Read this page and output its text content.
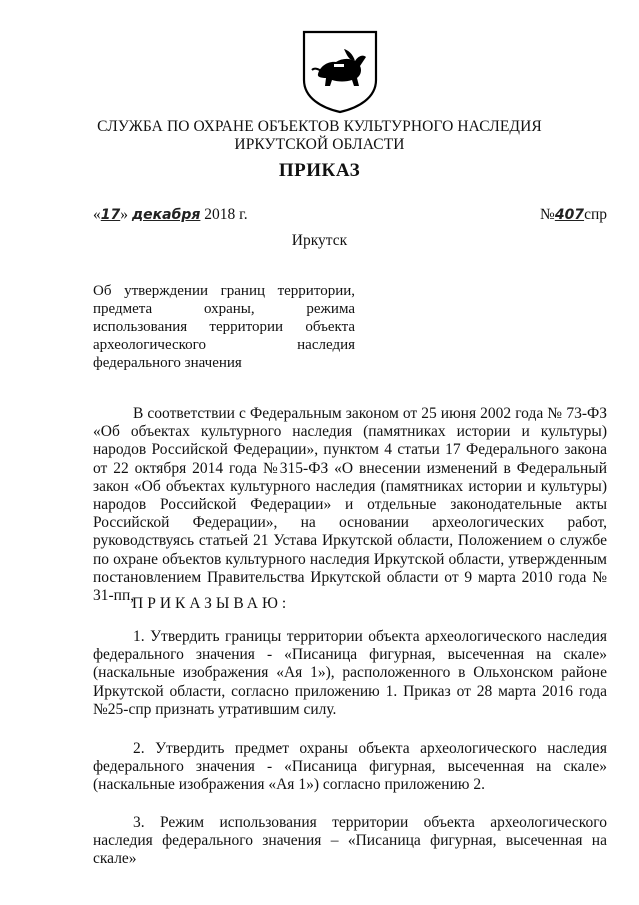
СЛУЖБА ПО ОХРАНЕ ОБЪЕКТОВ КУЛЬТУРНОГО НАСЛЕДИЯ
ИРКУТСКОЙ ОБЛАСТИ
ПРИКАЗ
«17» декабря 2018 г.	№407спр
Иркутск
Об утверждении границ территории,
предмета охраны, режима
использования территории объекта
археологического наследия
федерального значения
В соответствии с Федеральным законом от 25 июня 2002 года № 73-ФЗ «Об объектах культурного наследия (памятниках истории и культуры) народов Российской Федерации», пунктом 4 статьи 17 Федерального закона от 22 октября 2014 года №315-ФЗ «О внесении изменений в Федеральный закон «Об объектах культурного наследия (памятниках истории и культуры) народов Российской Федерации» и отдельные законодательные акты Российской Федерации», на основании археологических работ, руководствуясь статьей 21 Устава Иркутской области, Положением о службе по охране объектов культурного наследия Иркутской области, утвержденным постановлением Правительства Иркутской области от 9 марта 2010 года № 31-пп,
ПРИКАЗЫВАЮ:
1. Утвердить границы территории объекта археологического наследия федерального значения - «Писаница фигурная, высеченная на скале» (наскальные изображения «Ая 1»), расположенного в Ольхонском районе Иркутской области, согласно приложению 1. Приказ от 28 марта 2016 года №25-спр признать утратившим силу.
2. Утвердить предмет охраны объекта археологического наследия федерального значения - «Писаница фигурная, высеченная на скале» (наскальные изображения «Ая 1») согласно приложению 2.
3. Режим использования территории объекта археологического наследия федерального значения – «Писаница фигурная, высеченная на скале»
